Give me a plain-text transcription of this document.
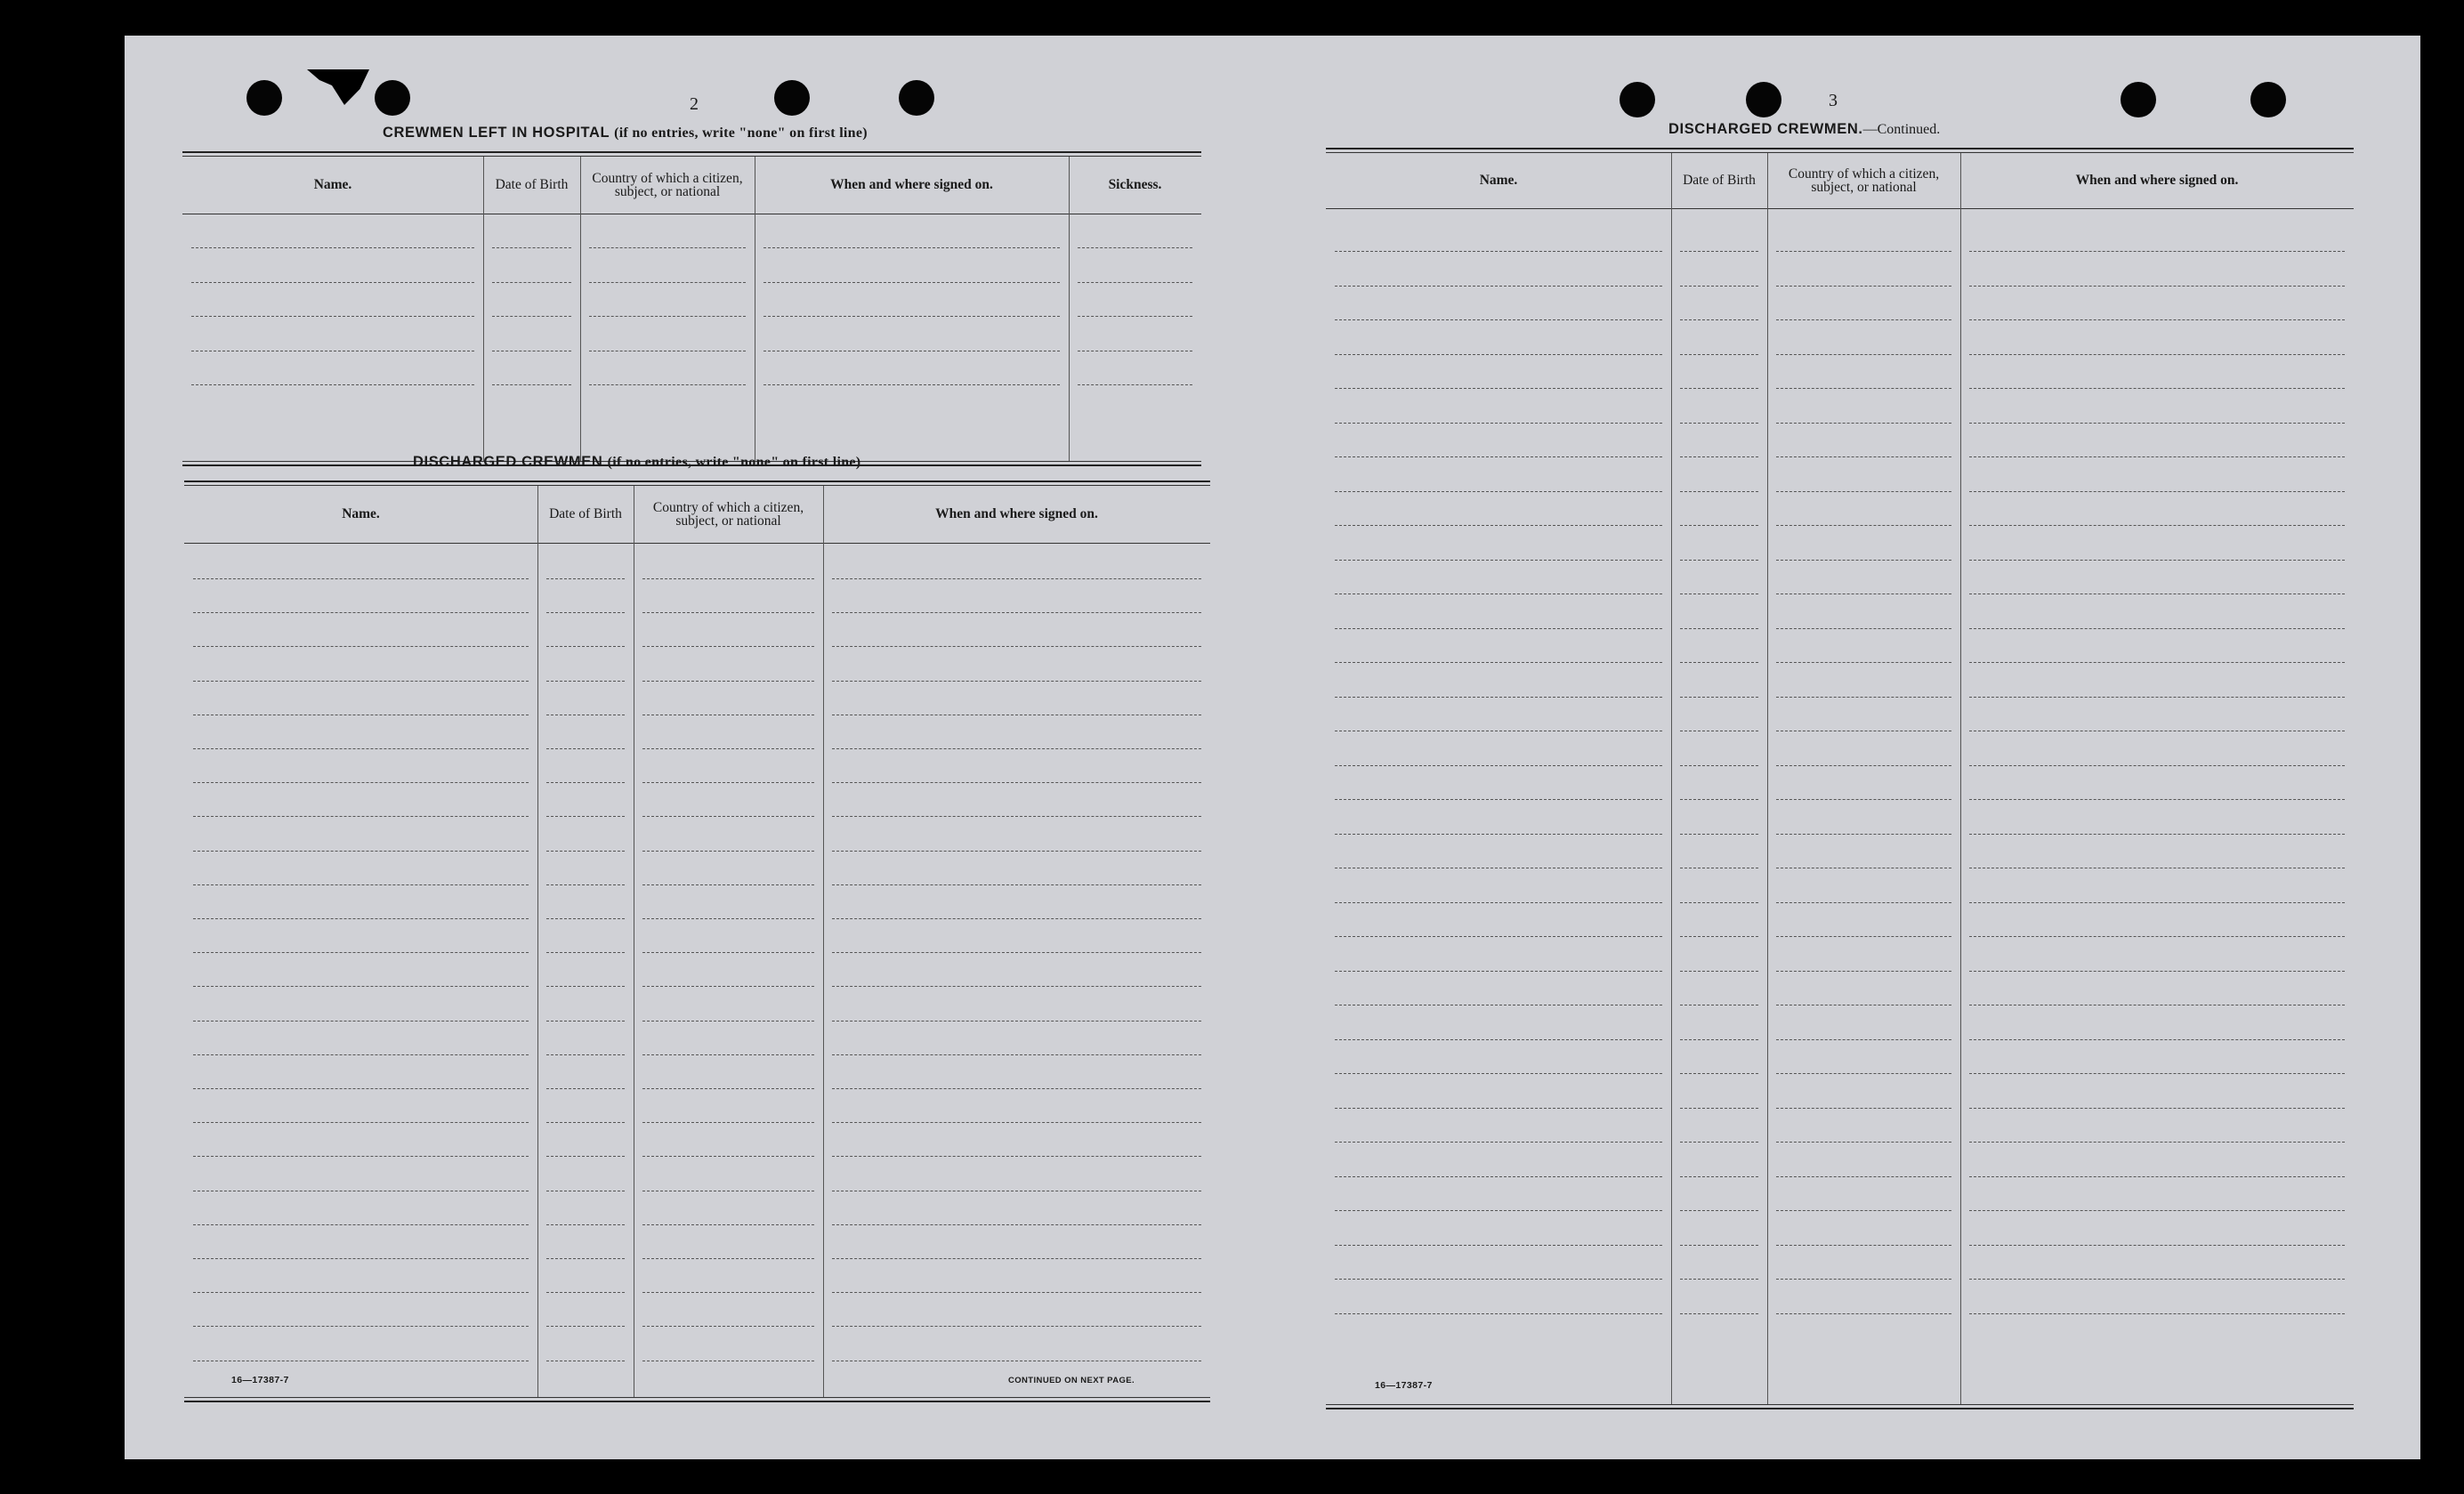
2
CREWMEN LEFT IN HOSPITAL (if no entries, write "none" on first line)
Name.	Date of Birth	Country of which a citizen, subject, or national	When and where signed on.	Sickness.
DISCHARGED CREWMEN (if no entries, write "none" on first line)
Name.	Date of Birth	Country of which a citizen, subject, or national	When and where signed on.
16—17387-7	CONTINUED ON NEXT PAGE.
3
DISCHARGED CREWMEN.—Continued.
Name.	Date of Birth	Country of which a citizen, subject, or national	When and where signed on.
16—17387-7
